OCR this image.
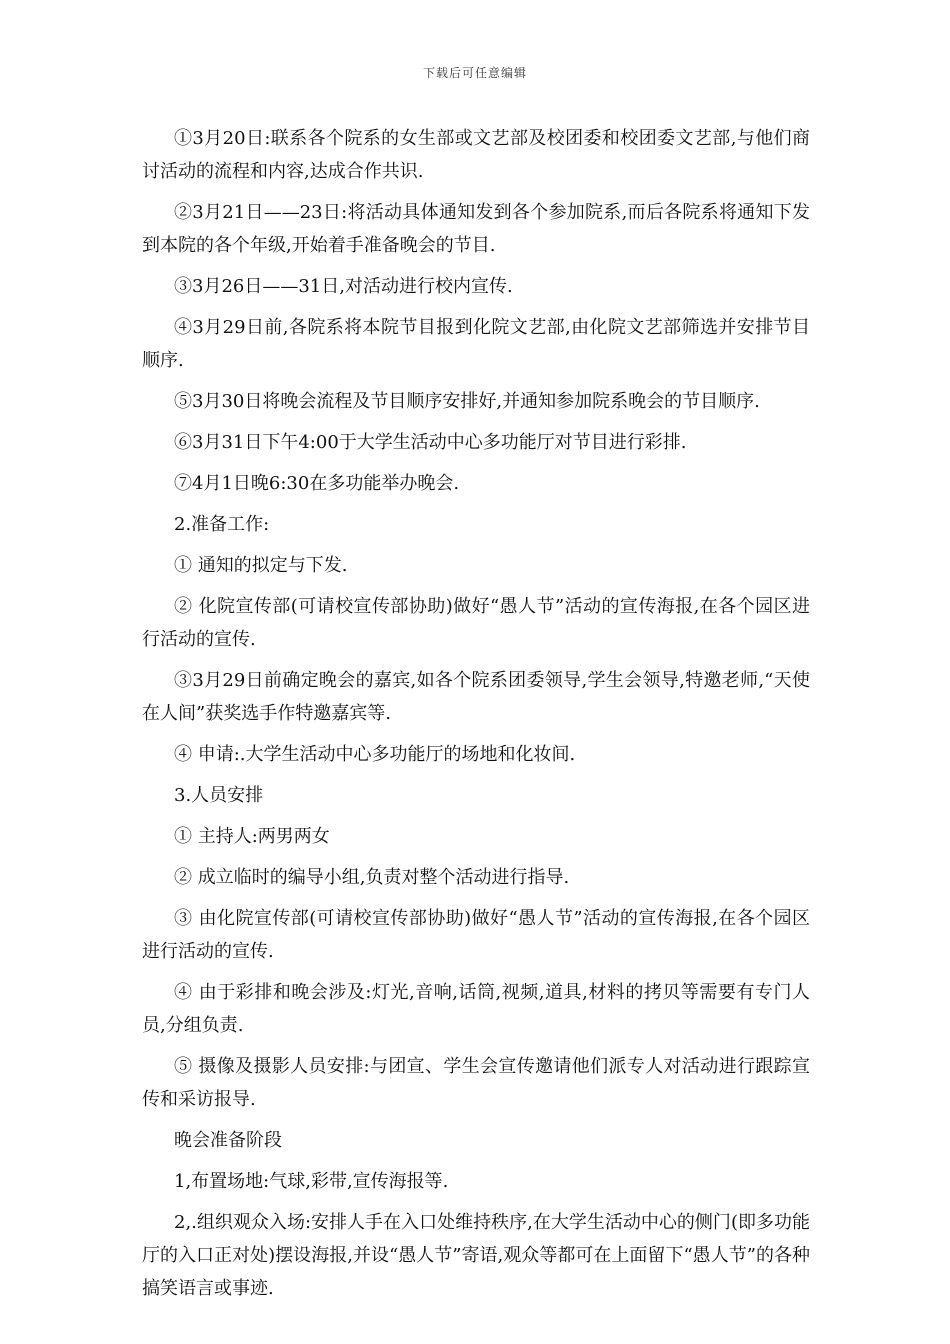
下载后可任意编辑

①3月20日:联系各个院系的女生部或文艺部及校团委和校团委文艺部,与他们商讨活动的流程和内容,达成合作共识.

②3月21日——23日:将活动具体通知发到各个参加院系,而后各院系将通知下发到本院的各个年级,开始着手准备晚会的节目.

③3月26日——31日,对活动进行校内宣传.

④3月29日前,各院系将本院节目报到化院文艺部,由化院文艺部筛选并安排节目顺序.

⑤3月30日将晚会流程及节目顺序安排好,并通知参加院系晚会的节目顺序.

⑥3月31日下午4:00于大学生活动中心多功能厅对节目进行彩排.

⑦4月1日晚6:30在多功能举办晚会.

2.准备工作:

① 通知的拟定与下发.

② 化院宣传部(可请校宣传部协助)做好“愚人节”活动的宣传海报,在各个园区进行活动的宣传.

③3月29日前确定晚会的嘉宾,如各个院系团委领导,学生会领导,特邀老师,“天使在人间”获奖选手作特邀嘉宾等.

④ 申请:.大学生活动中心多功能厅的场地和化妆间.

3.人员安排

① 主持人:两男两女

② 成立临时的编导小组,负责对整个活动进行指导.

③ 由化院宣传部(可请校宣传部协助)做好“愚人节”活动的宣传海报,在各个园区进行活动的宣传.

④ 由于彩排和晚会涉及:灯光,音响,话筒,视频,道具,材料的拷贝等需要有专门人员,分组负责.

⑤ 摄像及摄影人员安排:与团宣、学生会宣传邀请他们派专人对活动进行跟踪宣传和采访报导.

晚会准备阶段

1,布置场地:气球,彩带,宣传海报等.

2,.组织观众入场:安排人手在入口处维持秩序,在大学生活动中心的侧门(即多功能厅的入口正对处)摆设海报,并设“愚人节”寄语,观众等都可在上面留下“愚人节”的各种搞笑语言或事迹.
